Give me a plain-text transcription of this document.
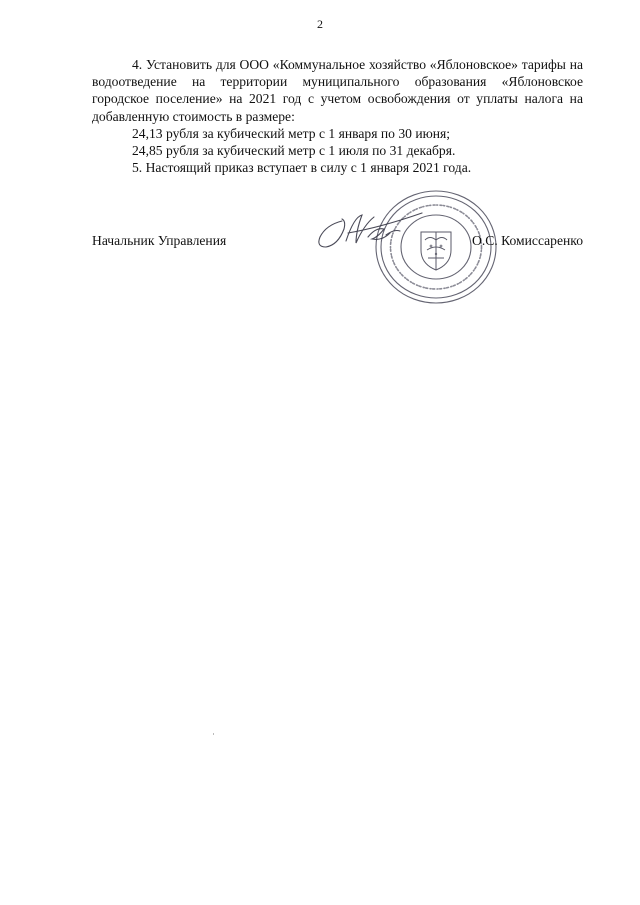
2

4. Установить для ООО «Коммунальное хозяйство «Яблоновское» тарифы на водоотведение на территории муниципального образования «Яблоновское городское поселение» на 2021 год с учетом освобождения от уплаты налога на добавленную стоимость в размере:

24,13 рубля за кубический метр с 1 января по 30 июня;

24,85 рубля за кубический метр с 1 июля по 31 декабря.

5. Настоящий приказ вступает в силу с 1 января 2021 года.

Начальник Управления	О.С. Комиссаренко
